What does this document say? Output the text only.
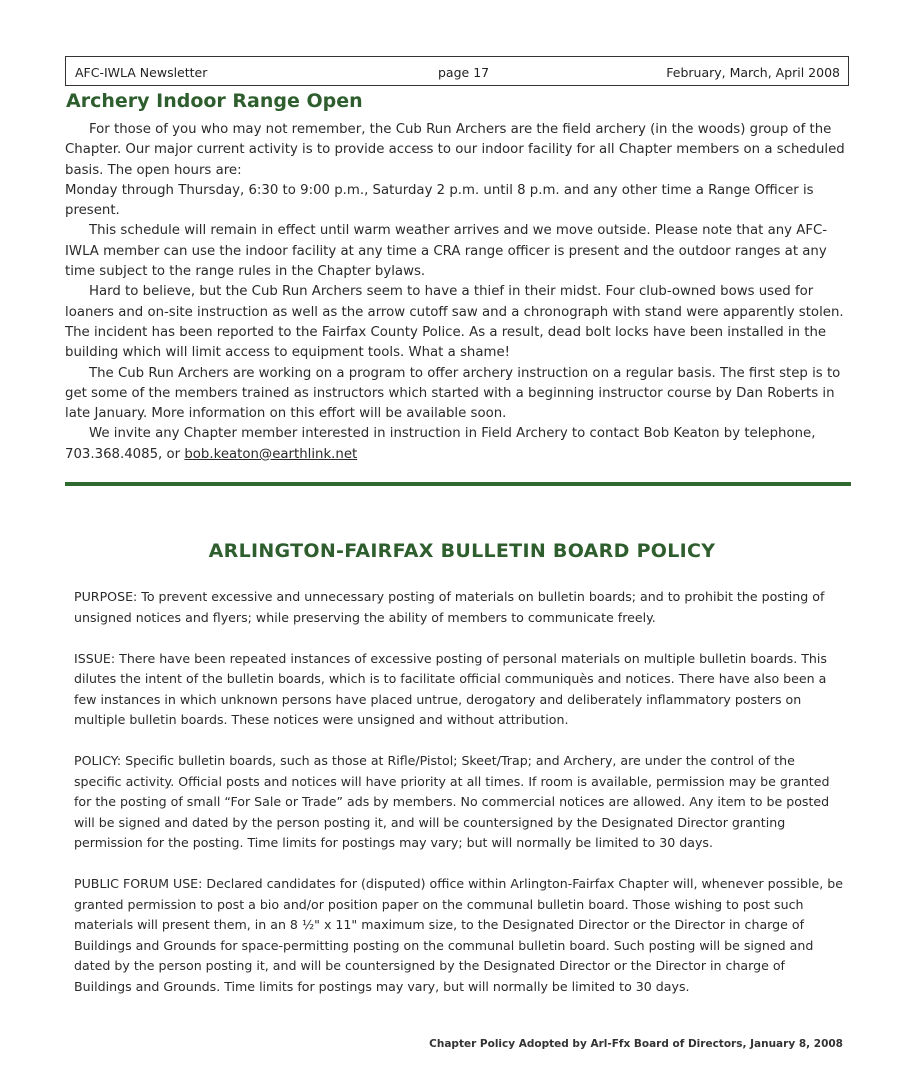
AFC-IWLA Newsletter	page 17	February, March, April 2008
Archery Indoor Range Open

For those of you who may not remember, the Cub Run Archers are the field archery (in the woods) group of the Chapter. Our major current activity is to provide access to our indoor facility for all Chapter members on a scheduled basis. The open hours are:

Monday through Thursday, 6:30 to 9:00 p.m., Saturday 2 p.m. until 8 p.m. and any other time a Range Officer is present.

This schedule will remain in effect until warm weather arrives and we move outside. Please note that any AFC-IWLA member can use the indoor facility at any time a CRA range officer is present and the outdoor ranges at any time subject to the range rules in the Chapter bylaws.

Hard to believe, but the Cub Run Archers seem to have a thief in their midst. Four club-owned bows used for loaners and on-site instruction as well as the arrow cutoff saw and a chronograph with stand were apparently stolen. The incident has been reported to the Fairfax County Police. As a result, dead bolt locks have been installed in the building which will limit access to equipment tools. What a shame!

The Cub Run Archers are working on a program to offer archery instruction on a regular basis. The first step is to get some of the members trained as instructors which started with a beginning instructor course by Dan Roberts in late January. More information on this effort will be available soon.

We invite any Chapter member interested in instruction in Field Archery to contact Bob Keaton by telephone, 703.368.4085, or bob.keaton@earthlink.net

ARLINGTON-FAIRFAX BULLETIN BOARD POLICY

PURPOSE: To prevent excessive and unnecessary posting of materials on bulletin boards; and to prohibit the posting of unsigned notices and flyers; while preserving the ability of members to communicate freely.

ISSUE: There have been repeated instances of excessive posting of personal materials on multiple bulletin boards. This dilutes the intent of the bulletin boards, which is to facilitate official communiquès and notices. There have also been a few instances in which unknown persons have placed untrue, derogatory and deliberately inflammatory posters on multiple bulletin boards. These notices were unsigned and without attribution.

POLICY: Specific bulletin boards, such as those at Rifle/Pistol; Skeet/Trap; and Archery, are under the control of the specific activity. Official posts and notices will have priority at all times. If room is available, permission may be granted for the posting of small “For Sale or Trade” ads by members. No commercial notices are allowed. Any item to be posted will be signed and dated by the person posting it, and will be countersigned by the Designated Director granting permission for the posting. Time limits for postings may vary; but will normally be limited to 30 days.

PUBLIC FORUM USE: Declared candidates for (disputed) office within Arlington-Fairfax Chapter will, whenever possible, be granted permission to post a bio and/or position paper on the communal bulletin board. Those wishing to post such materials will present them, in an 8 ½" x 11" maximum size, to the Designated Director or the Director in charge of Buildings and Grounds for space-permitting posting on the communal bulletin board. Such posting will be signed and dated by the person posting it, and will be countersigned by the Designated Director or the Director in charge of Buildings and Grounds. Time limits for postings may vary, but will normally be limited to 30 days.

Chapter Policy Adopted by Arl-Ffx Board of Directors, January 8, 2008
